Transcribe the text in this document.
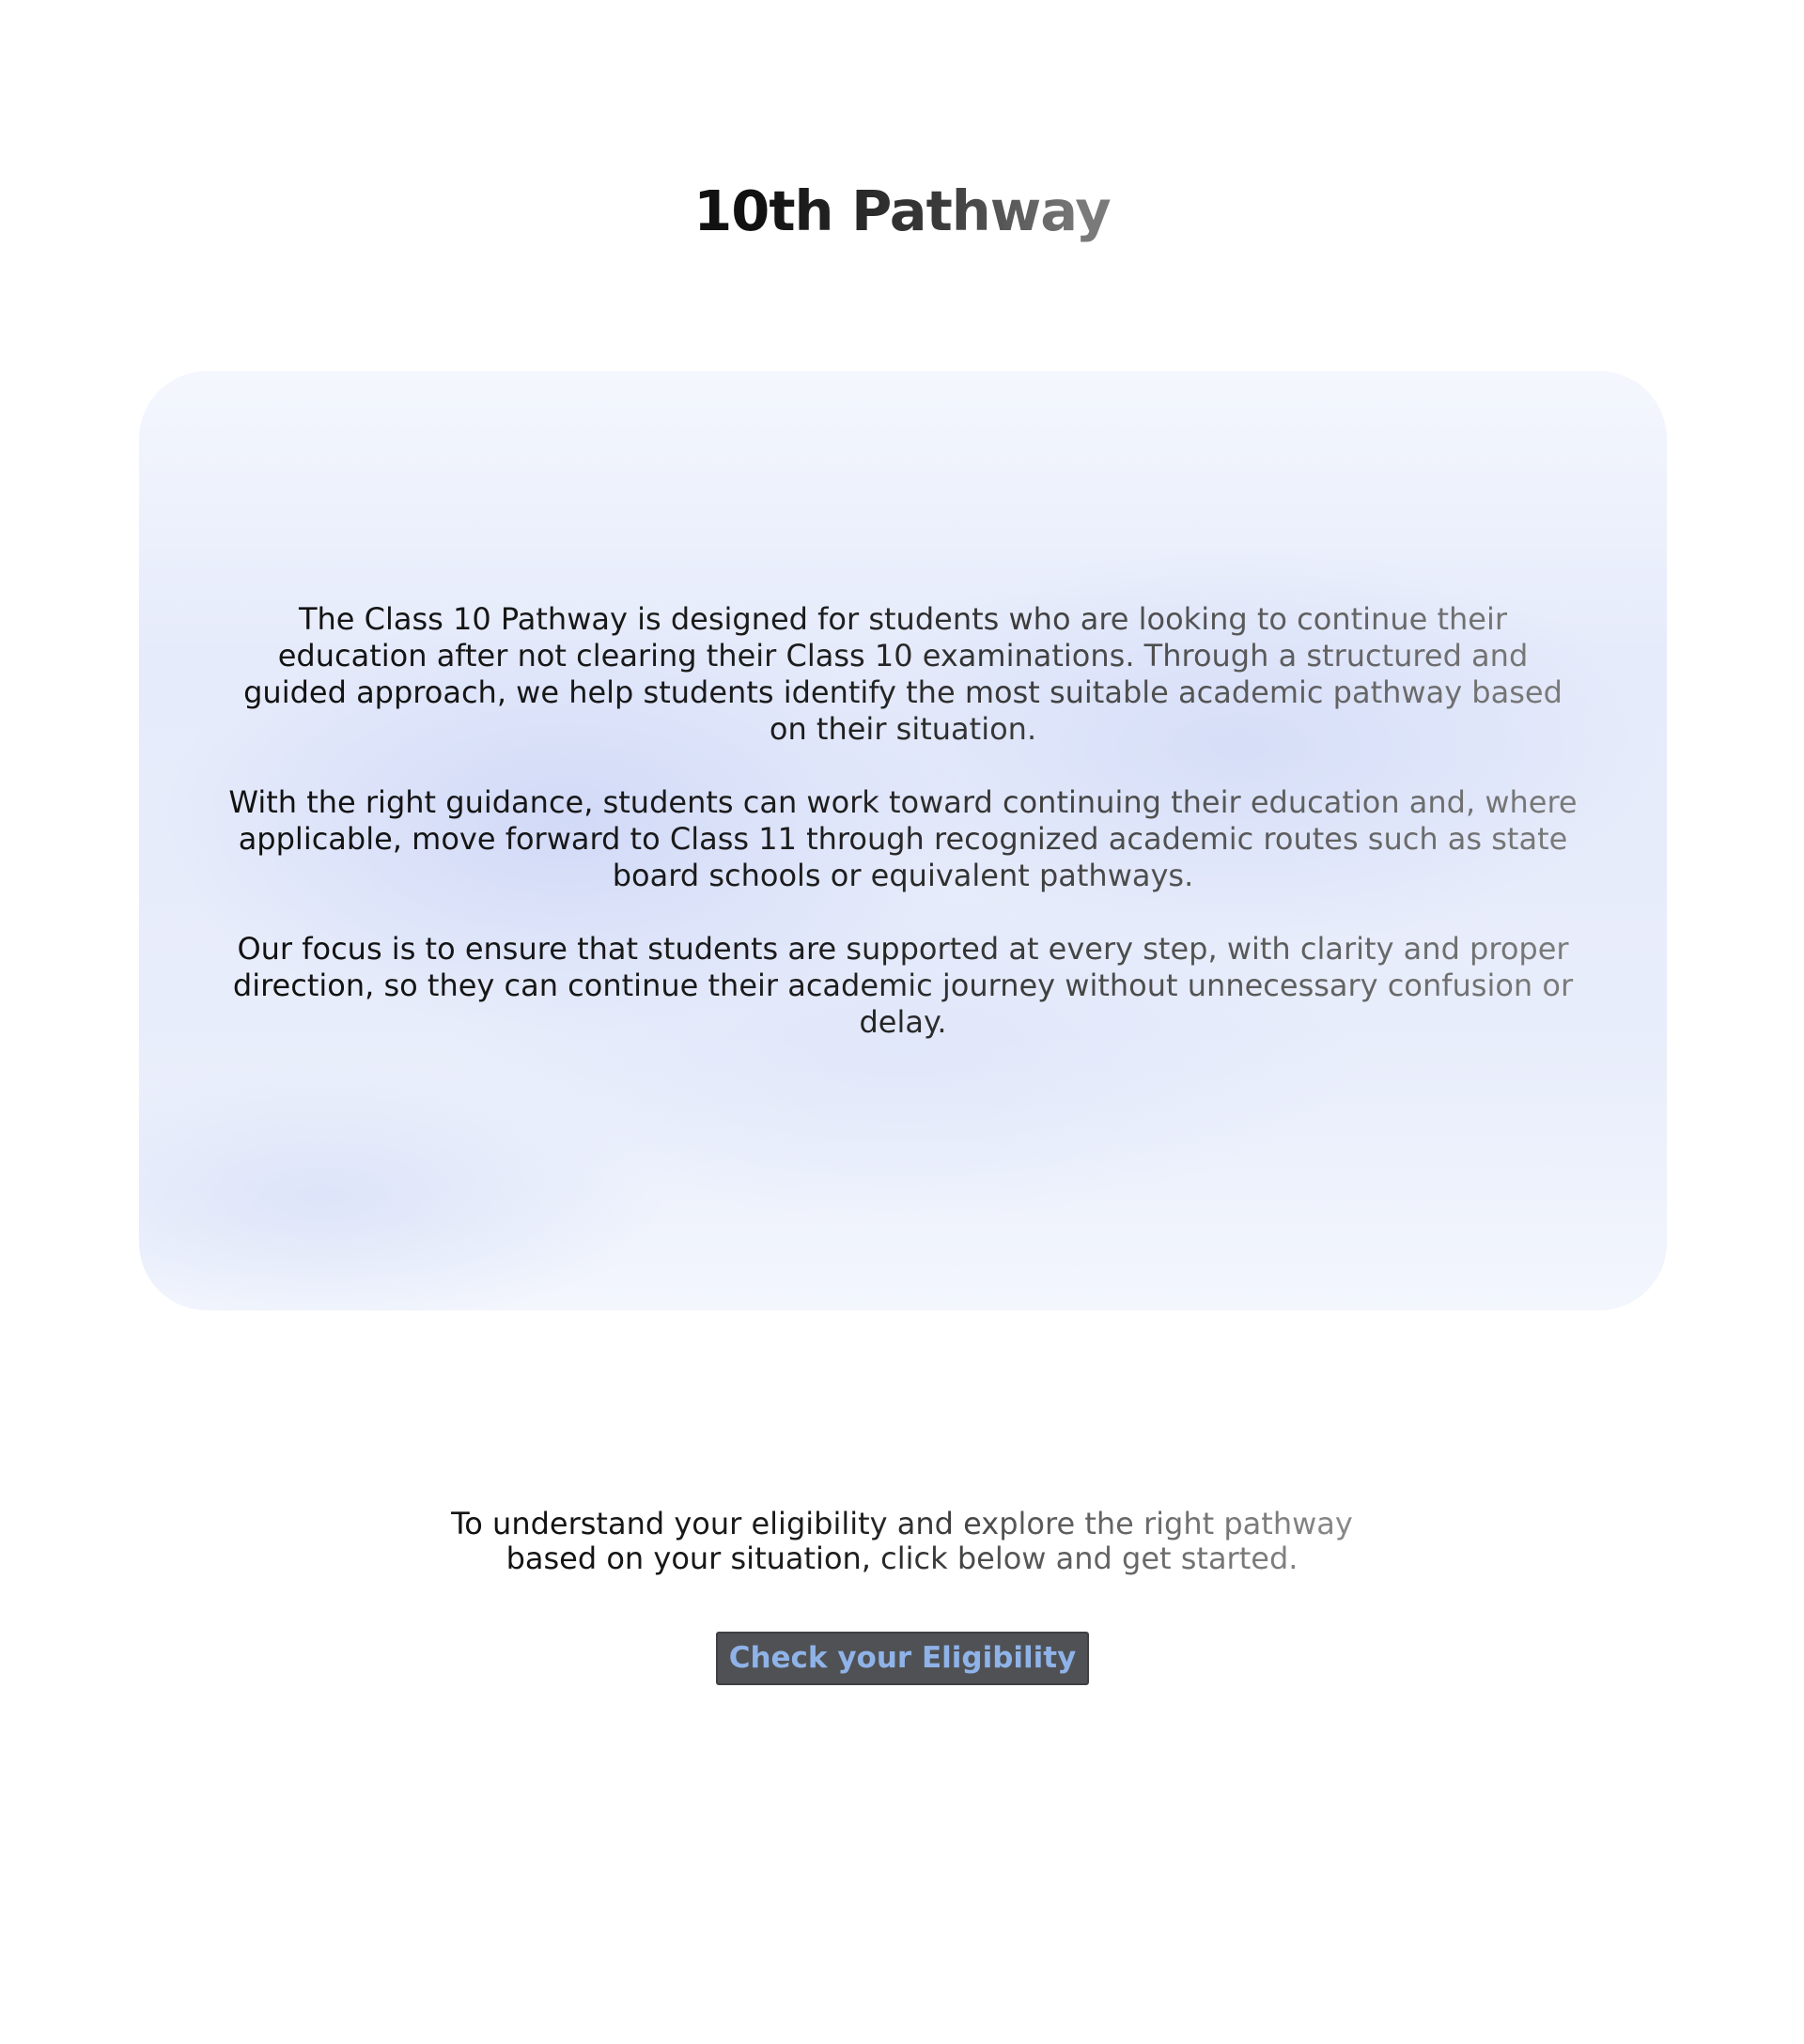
10th Pathway

The Class 10 Pathway is designed for students who are looking to continue their education after not clearing their Class 10 examinations. Through a structured and guided approach, we help students identify the most suitable academic pathway based on their situation.

With the right guidance, students can work toward continuing their education and, where applicable, move forward to Class 11 through recognized academic routes such as state board schools or equivalent pathways.

Our focus is to ensure that students are supported at every step, with clarity and proper direction, so they can continue their academic journey without unnecessary confusion or delay.

To understand your eligibility and explore the right pathway
based on your situation, click below and get started.
Check your Eligibility
